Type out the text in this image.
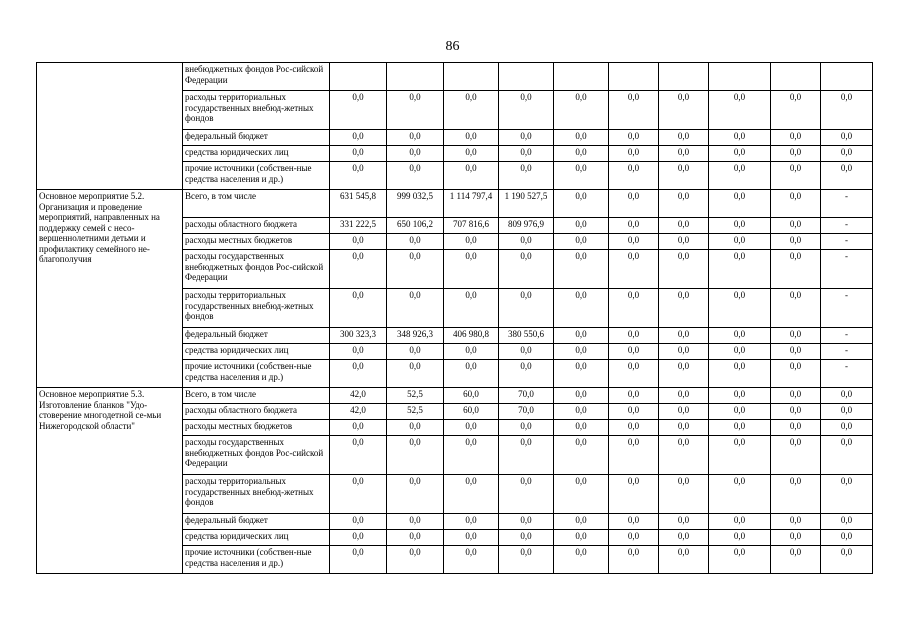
86
	внебюджетных фондов Рос-сийской Федерации										
	расходы территориальных государственных внебюд-жетных фондов	0,0	0,0	0,0	0,0	0,0	0,0	0,0	0,0	0,0	0,0
	федеральный бюджет	0,0	0,0	0,0	0,0	0,0	0,0	0,0	0,0	0,0	0,0
	средства юридических лиц	0,0	0,0	0,0	0,0	0,0	0,0	0,0	0,0	0,0	0,0
	прочие источники (собствен-ные средства населения и др.)	0,0	0,0	0,0	0,0	0,0	0,0	0,0	0,0	0,0	0,0
Основное мероприятие 5.2. Организация и проведение мероприятий, направленных на поддержку семей с несо-вершеннолетними детьми и профилактику семейного не-благополучия	Всего, в том числе	631 545,8	999 032,5	1 114 797,4	1 190 527,5	0,0	0,0	0,0	0,0	0,0	-
	расходы областного бюджета	331 222,5	650 106,2	707 816,6	809 976,9	0,0	0,0	0,0	0,0	0,0	-
	расходы местных бюджетов	0,0	0,0	0,0	0,0	0,0	0,0	0,0	0,0	0,0	-
	расходы государственных внебюджетных фондов Рос-сийской Федерации	0,0	0,0	0,0	0,0	0,0	0,0	0,0	0,0	0,0	-
	расходы территориальных государственных внебюд-жетных фондов	0,0	0,0	0,0	0,0	0,0	0,0	0,0	0,0	0,0	-
	федеральный бюджет	300 323,3	348 926,3	406 980,8	380 550,6	0,0	0,0	0,0	0,0	0,0	-
	средства юридических лиц	0,0	0,0	0,0	0,0	0,0	0,0	0,0	0,0	0,0	-
	прочие источники (собствен-ные средства населения и др.)	0,0	0,0	0,0	0,0	0,0	0,0	0,0	0,0	0,0	-
Основное мероприятие 5.3. Изготовление бланков "Удо-стоверение многодетной се-мьи Нижегородской области"	Всего, в том числе	42,0	52,5	60,0	70,0	0,0	0,0	0,0	0,0	0,0	0,0
	расходы областного бюджета	42,0	52,5	60,0	70,0	0,0	0,0	0,0	0,0	0,0	0,0
	расходы местных бюджетов	0,0	0,0	0,0	0,0	0,0	0,0	0,0	0,0	0,0	0,0
	расходы государственных внебюджетных фондов Рос-сийской Федерации	0,0	0,0	0,0	0,0	0,0	0,0	0,0	0,0	0,0	0,0
	расходы территориальных государственных внебюд-жетных фондов	0,0	0,0	0,0	0,0	0,0	0,0	0,0	0,0	0,0	0,0
	федеральный бюджет	0,0	0,0	0,0	0,0	0,0	0,0	0,0	0,0	0,0	0,0
	средства юридических лиц	0,0	0,0	0,0	0,0	0,0	0,0	0,0	0,0	0,0	0,0
	прочие источники (собствен-ные средства населения и др.)	0,0	0,0	0,0	0,0	0,0	0,0	0,0	0,0	0,0	0,0
